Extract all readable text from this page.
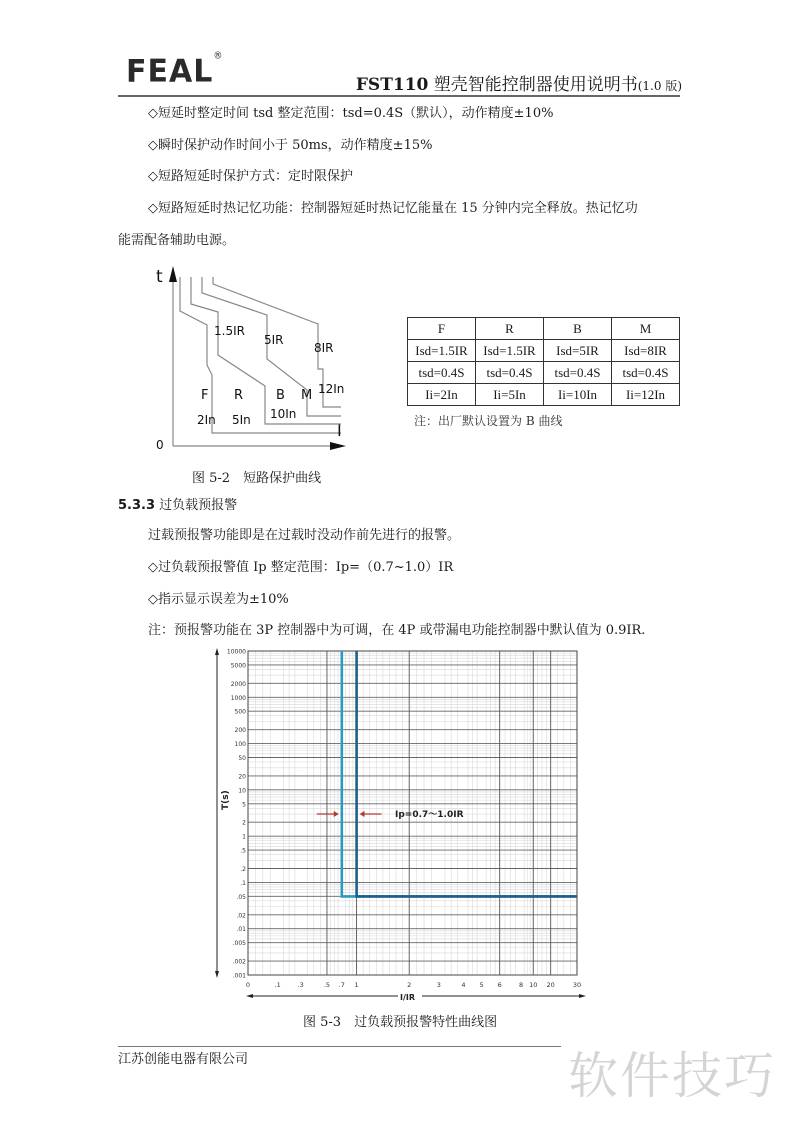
FEAL®
FST110 塑壳智能控制器使用说明书(1.0 版)
◇短延时整定时间 tsd 整定范围：tsd=0.4S（默认），动作精度±10%
◇瞬时保护动作时间小于 50ms，动作精度±15%
◇短路短延时保护方式：定时限保护
◇短路短延时热记忆功能：控制器短延时热记忆能量在 15 分钟内完全释放。热记忆功
能需配备辅助电源。
t
I
0
1.5IR
5IR
8IR
F R	B M 12In
2In 5In 10In
图 5-2　短路保护曲线
F	R	B	M
Isd=1.5IR	Isd=1.5IR	Isd=5IR	Isd=8IR
tsd=0.4S	tsd=0.4S	tsd=0.4S	tsd=0.4S
Ii=2In	Ii=5In	Ii=10In	Ii=12In
注：出厂默认设置为 B 曲线
5.3.3 过负载预报警
过载预报警功能即是在过载时没动作前先进行的报警。
◇过负载预报警值 Ip 整定范围：Ip=（0.7~1.0）IR
◇指示显示误差为±10%
注：预报警功能在 3P 控制器中为可调，在 4P 或带漏电功能控制器中默认值为 0.9IR.
10000
5000
2000
1000
500
200
100
50
20
10
5
2
1
.5
.2
.1
.05
.02
.01
.005
.002
.001
0	.1	.3	.5 .7 1	2	3	4 5 6	8 10 20	30
T(s)
I/IR
Ip=0.7～1.0IR
图 5-3　过负载预报警特性曲线图
江苏创能电器有限公司	软件技巧
